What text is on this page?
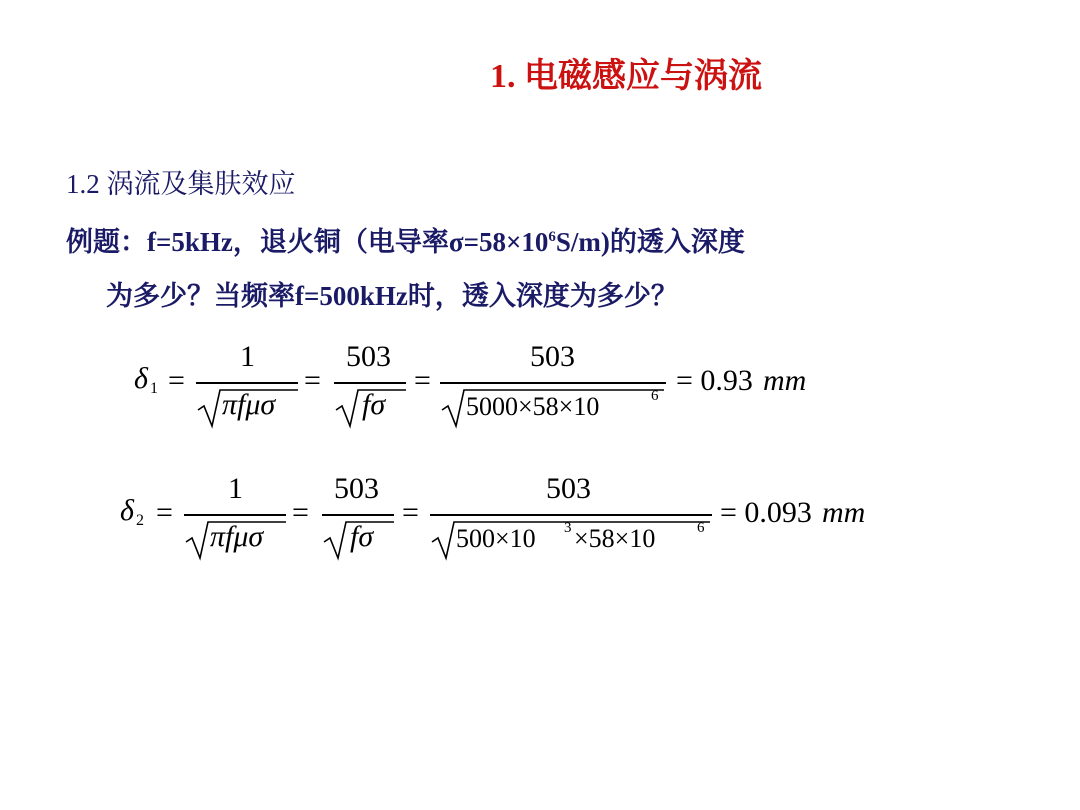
1. 电磁感应与涡流
1.2 涡流及集肤效应
例题：f=5kHz，退火铜（电导率$\sigma=58\times 10^6S/m$)的透入深度
为多少？当频率f=500kHz时，透入深度为多少？
δ 1 =
1
πfμσ
=
503
fσ
=
503
5000×58×10	6 = 0.93 mm
δ 2 =
1
πfμσ
=
503
fσ
=
503
500×10 3 ×58×10	6 = 0.093 mm
